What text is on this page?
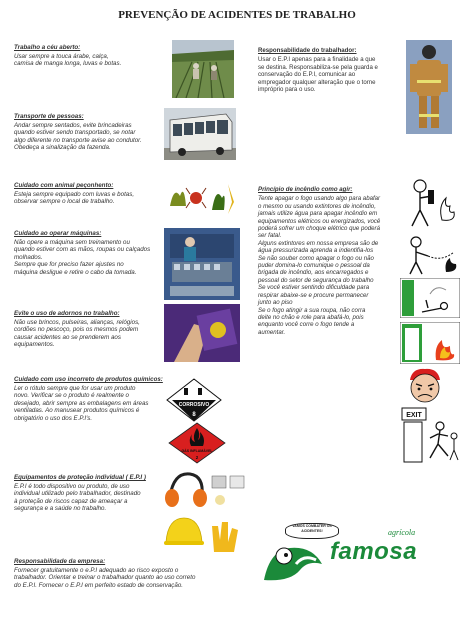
PREVENÇÃO DE ACIDENTES DE TRABALHO
Trabalho a céu aberto:
Usar sempre a touca árabe, calça,
camisa de manga longa, luvas e botas.
Transporte de pessoas:
Andar sempre sentados, evite brincadeiras
quando estiver sendo transportado, se notar
algo diferente no transporte avise ao condutor.
Obedeça a sinalização da fazenda.
Cuidado com animal peçonhento:
Esteja sempre equipado com luvas e botas,
observar sempre o local de trabalho.
Cuidado ao operar máquinas:
Não opere a máquina sem treinamento ou
quando estiver com as mãos, roupas ou calçados
molhados.
Sempre que for preciso fazer ajustes no
máquina desligue e retire o cabo da tomada.
Evite o uso de adornos no trabalho:
Não use brincos, pulseiras, alianças, relógios,
cordões no pescoço, pois os mesmos podem
causar acidentes ao se prenderem aos
equipamentos.
Cuidado com uso incorreto de produtos químicos:
Ler o rótulo sempre que for usar um produto
novo. Verificar se o produto é realmente o
desejado, abrir sempre as embalagens em áreas
ventiladas. Ao manusear produtos químicos é
obrigatório o uso dos E.P.I's.
Equipamentos de proteção individual ( E.P.I )
E.P.I é todo dispositivo ou produto, de uso
individual utilizado pelo trabalhador, destinado
à proteção de riscos capaz de ameaçar a
segurança e a saúde no trabalho.
Responsabilidade da empresa:
Fornecer gratuitamente o e.P.I adequado ao risco exposto o
trabalhador. Orientar e treinar o trabalhador quanto ao uso correto
do E.P.I. Fornecer o E.P.I em perfeito estado de conservação.
CORROSIVO
8
GÁS INFLAMÁVEL
2
Responsabilidade do trabalhador:
Usar o E.P.I apenas para a finalidade a que
se destina. Responsabiliza-se pela guarda e
conservação do E.P.I, comunicar ao
empregador qualquer alteração que o torne
impróprio para o uso.
Princípio de incêndio como agir:
Tente apagar o fogo usando algo para abafar
o mesmo ou usando extintores de incêndio,
jamais utilize água para apagar incêndio em
equipamentos elétricos ou energizados, você
poderá sofrer um choque elétrico que poderá
ser fatal.
Alguns extintores em nossa empresa são de
água pressurizada aprenda a indentifia-los
Se não souber como apagar o fogo ou não
puder domina-lo comunique o pessoal da
brigada de incêndio, aos encarregados e
pessoal do setor de segurança do trabalho
Se você estiver sentindo dificuldade para
respirar abaixe-se e procure permanecer
junto ao piso
Se o fogo atingir a sua roupa, não corra
deite no chão e role para abafá-lo, pois
enquanto você corre o fogo tende a
aumentar.
EXIT
VAMOS COMBATER OS ACIDENTES!	agrícola
famosa
